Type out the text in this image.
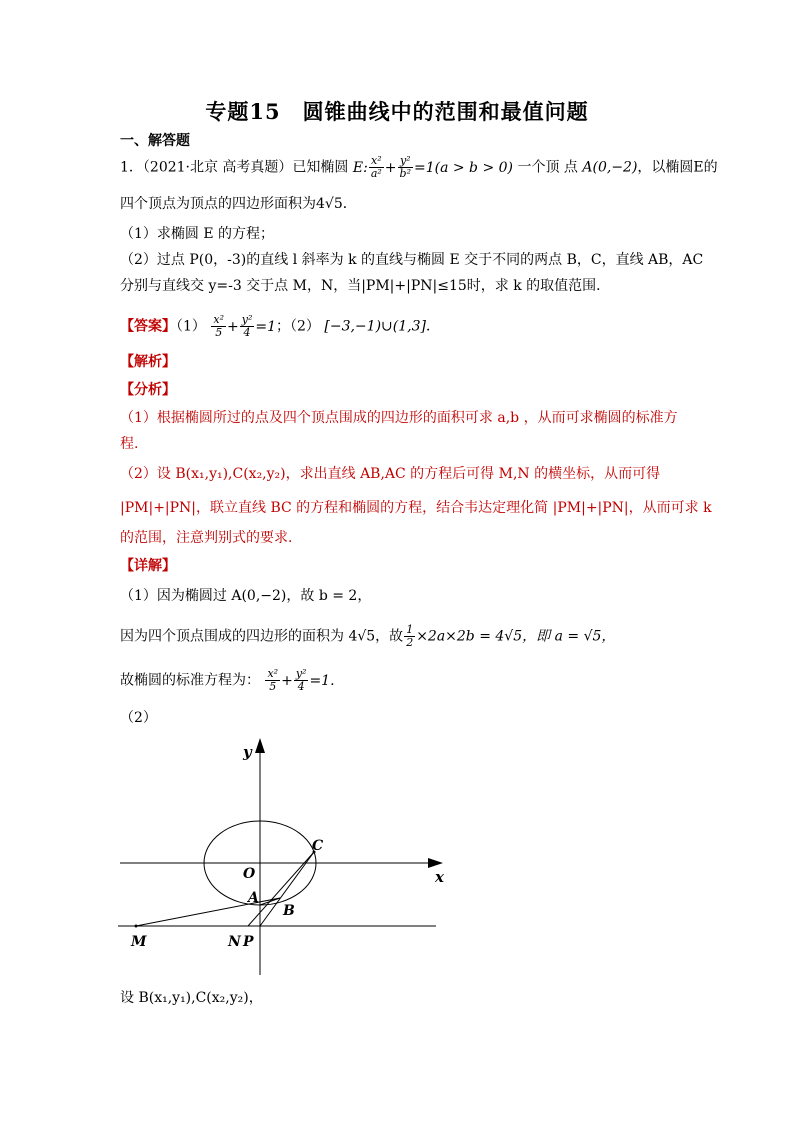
专题15　圆锥曲线中的范围和最值问题
一、解答题
1．（2021·北京 高考真题）已知椭圆 E: $\frac{\text{x²}}{\text{a²}} + \frac{\text{y²}}{\text{b²}} =1(a > b > 0)$ 一个顶 点 A(0,−2)，以椭圆E的
四个顶点为顶点的四边形面积为4√5．
（1）求椭圆 E 的方程；
（2）过点 P(0，-3)的直线 l 斜率为 k 的直线与椭圆 E 交于不同的两点 B，C，直线 AB，AC
分别与直线交 y=-3 交于点 M，N，当|PM|+|PN|≤15时，求 k 的取值范围．
【答案】$(1) \frac{\text{x²}}{5} + \frac{\text{y²}}{4} =1$；（2） [−3,−1)∪(1,3]．
【解析】
【分析】
（1）根据椭圆所过的点及四个顶点围成的四边形的面积可求 a,b ，从而可求椭圆的标准方
程.
（2）设 B(x₁,y₁),C(x₂,y₂)，求出直线 AB,AC 的方程后可得 M,N 的横坐标，从而可得
|PM|+|PN|，联立直线 BC 的方程和椭圆的方程，结合韦达定理化简 |PM|+|PN|，从而可求 k
的范围，注意判别式的要求.
【详解】
（1）因为椭圆过 A(0,−2)，故 b = 2，
因为四个顶点围成的四边形的面积为 4√5，故 $\frac{1}{2} \times 2a\times 2b = 4√5$，即 a = √5，
故椭圆的标准方程为： $\frac{\text{x²}}{5} + \frac{\text{y²}}{4} =1$.
（2）
y
x
O
C
A
B
M	N P
设 B(x₁,y₁),C(x₂,y₂)，
